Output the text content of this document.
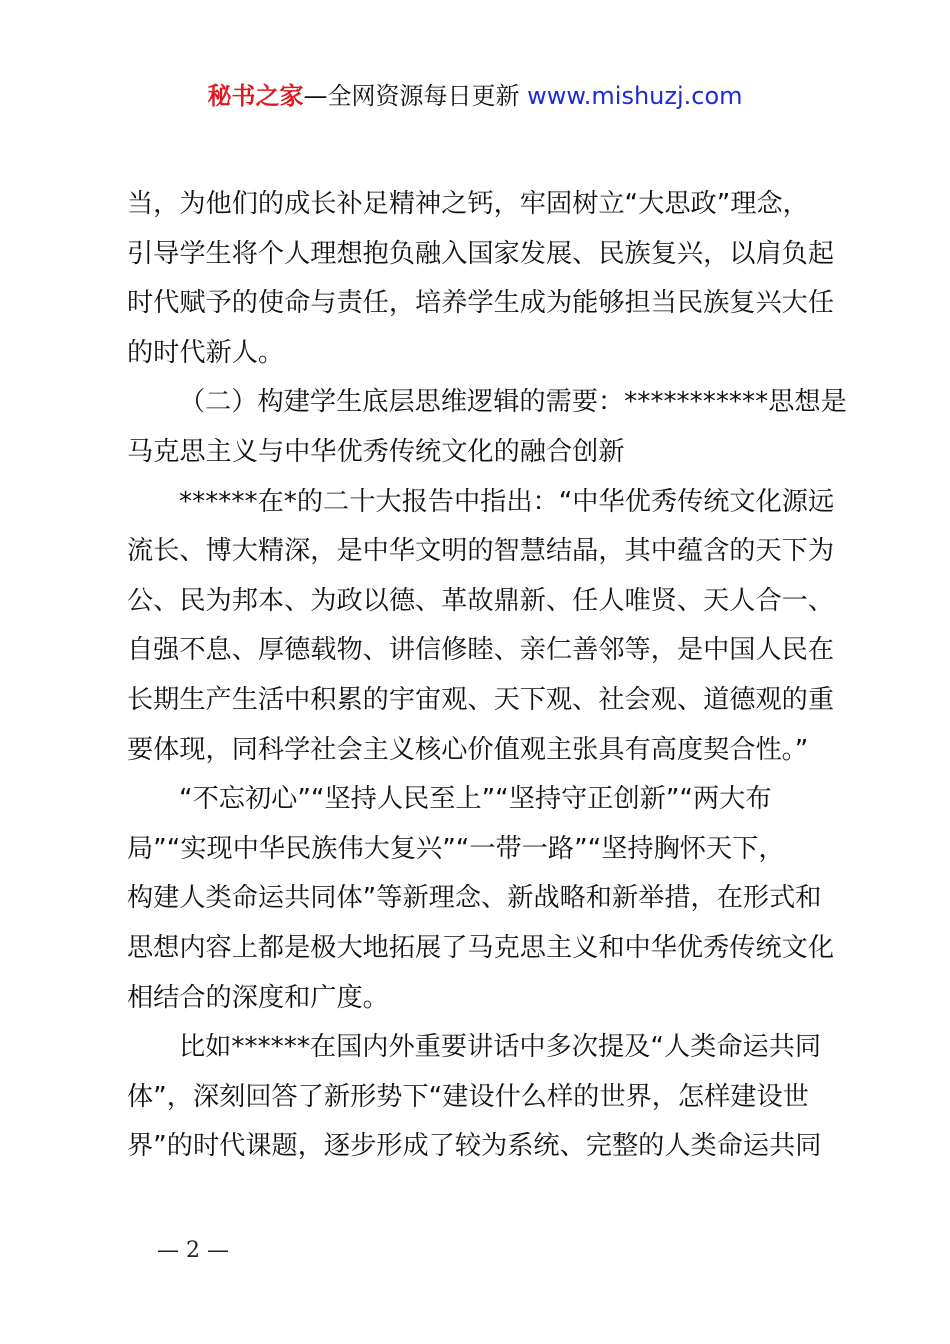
秘书之家—全网资源每日更新 www.mishuzj.com
当，为他们的成长补足精神之钙，牢固树立“大思政”理念，
引导学生将个人理想抱负融入国家发展、民族复兴，以肩负起
时代赋予的使命与责任，培养学生成为能够担当民族复兴大任
的时代新人。
（二）构建学生底层思维逻辑的需要：***********思想是
马克思主义与中华优秀传统文化的融合创新
******在*的二十大报告中指出：“中华优秀传统文化源远
流长、博大精深，是中华文明的智慧结晶，其中蕴含的天下为
公、民为邦本、为政以德、革故鼎新、任人唯贤、天人合一、
自强不息、厚德载物、讲信修睦、亲仁善邻等，是中国人民在
长期生产生活中积累的宇宙观、天下观、社会观、道德观的重
要体现，同科学社会主义核心价值观主张具有高度契合性。”
“不忘初心”“坚持人民至上”“坚持守正创新”“两大布
局”“实现中华民族伟大复兴”“一带一路”“坚持胸怀天下，
构建人类命运共同体”等新理念、新战略和新举措，在形式和
思想内容上都是极大地拓展了马克思主义和中华优秀传统文化
相结合的深度和广度。
比如******在国内外重要讲话中多次提及“人类命运共同
体”，深刻回答了新形势下“建设什么样的世界，怎样建设世
界”的时代课题，逐步形成了较为系统、完整的人类命运共同
— 2 —
